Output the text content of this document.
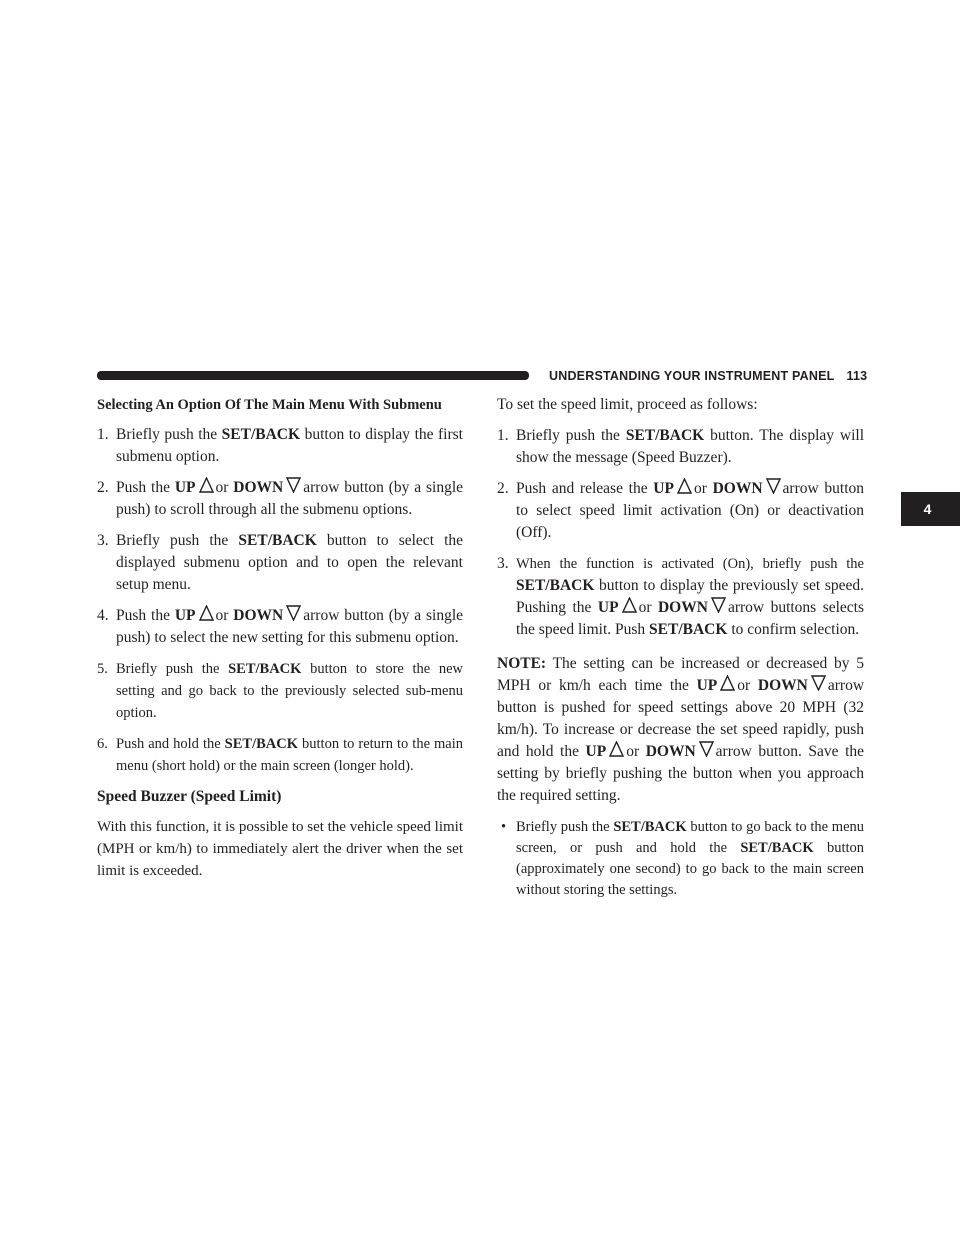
UNDERSTANDING YOUR INSTRUMENT PANEL 113
4

Selecting An Option Of The Main Menu With Submenu

1. Briefly push the SET/BACK button to display the first submenu option.
2. Push the UP or DOWN arrow button (by a single push) to scroll through all the submenu options.
3. Briefly push the SET/BACK button to select the displayed submenu option and to open the relevant setup menu.
4. Push the UP or DOWN arrow button (by a single push) to select the new setting for this submenu option.
5. Briefly push the SET/BACK button to store the new setting and go back to the previously selected sub-menu option.
6. Push and hold the SET/BACK button to return to the main menu (short hold) or the main screen (longer hold).

Speed Buzzer (Speed Limit)

With this function, it is possible to set the vehicle speed limit (MPH or km/h) to immediately alert the driver when the set limit is exceeded.

To set the speed limit, proceed as follows:

1. Briefly push the SET/BACK button. The display will show the message (Speed Buzzer).
2. Push and release the UP or DOWN arrow button to select speed limit activation (On) or deactivation (Off).
3. When the function is activated (On), briefly push the SET/BACK button to display the previously set speed. Pushing the UP or DOWN arrow buttons selects the speed limit. Push SET/BACK to confirm selection.

NOTE: The setting can be increased or decreased by 5 MPH or km/h each time the UP or DOWN arrow button is pushed for speed settings above 20 MPH (32 km/h). To increase or decrease the set speed rapidly, push and hold the UP or DOWN arrow button. Save the setting by briefly pushing the button when you approach the required setting.

• Briefly push the SET/BACK button to go back to the menu screen, or push and hold the SET/BACK button (approximately one second) to go back to the main screen without storing the settings.
